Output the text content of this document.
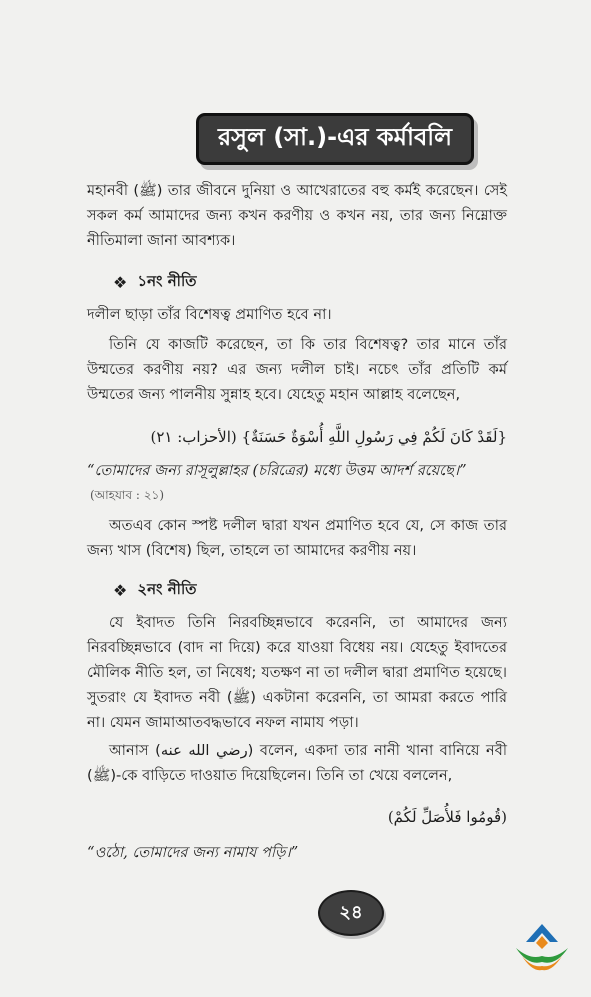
রসুল (সা.)-এর কর্মাবলি
মহানবী (ﷺ) তার জীবনে দুনিয়া ও আখেরাতের বহু কর্মই করেছেন। সেই সকল কর্ম আমাদের জন্য কখন করণীয় ও কখন নয়, তার জন্য নিম্নোক্ত নীতিমালা জানা আবশ্যক।
❖ ১নং নীতি
দলীল ছাড়া তাঁর বিশেষত্ব প্রমাণিত হবে না।
তিনি যে কাজটি করেছেন, তা কি তার বিশেষত্ব? তার মানে তাঁর উম্মতের করণীয় নয়? এর জন্য দলীল চাই। নচেৎ তাঁর প্রতিটি কর্ম উম্মতের জন্য পালনীয় সুন্নাহ হবে। যেহেতু মহান আল্লাহ বলেছেন,
{لَقَدْ كَانَ لَكُمْ فِي رَسُولِ اللَّهِ أُسْوَةٌ حَسَنَةٌ} (الأحزاب: ٢١)
“তোমাদের জন্য রাসূলুল্লাহর (চরিত্রের) মধ্যে উত্তম আদর্শ রয়েছে।”
(আহযাব : ২১)
অতএব কোন স্পষ্ট দলীল দ্বারা যখন প্রমাণিত হবে যে, সে কাজ তার জন্য খাস (বিশেষ) ছিল, তাহলে তা আমাদের করণীয় নয়।
❖ ২নং নীতি
যে ইবাদত তিনি নিরবচ্ছিন্নভাবে করেননি, তা আমাদের জন্য নিরবচ্ছিন্নভাবে (বাদ না দিয়ে) করে যাওয়া বিধেয় নয়। যেহেতু ইবাদতের মৌলিক নীতি হল, তা নিষেধ; যতক্ষণ না তা দলীল দ্বারা প্রমাণিত হয়েছে। সুতরাং যে ইবাদত নবী (ﷺ) একটানা করেননি, তা আমরা করতে পারি না। যেমন জামাআতবদ্ধভাবে নফল নামায পড়া।
আনাস (رضي الله عنه) বলেন, একদা তার নানী খানা বানিয়ে নবী (ﷺ)-কে বাড়িতে দাওয়াত দিয়েছিলেন। তিনি তা খেয়ে বললেন,
(قُومُوا فَلأُصَلِّ لَكُمْ)
“ওঠো, তোমাদের জন্য নামায পড়ি।”
২৪
